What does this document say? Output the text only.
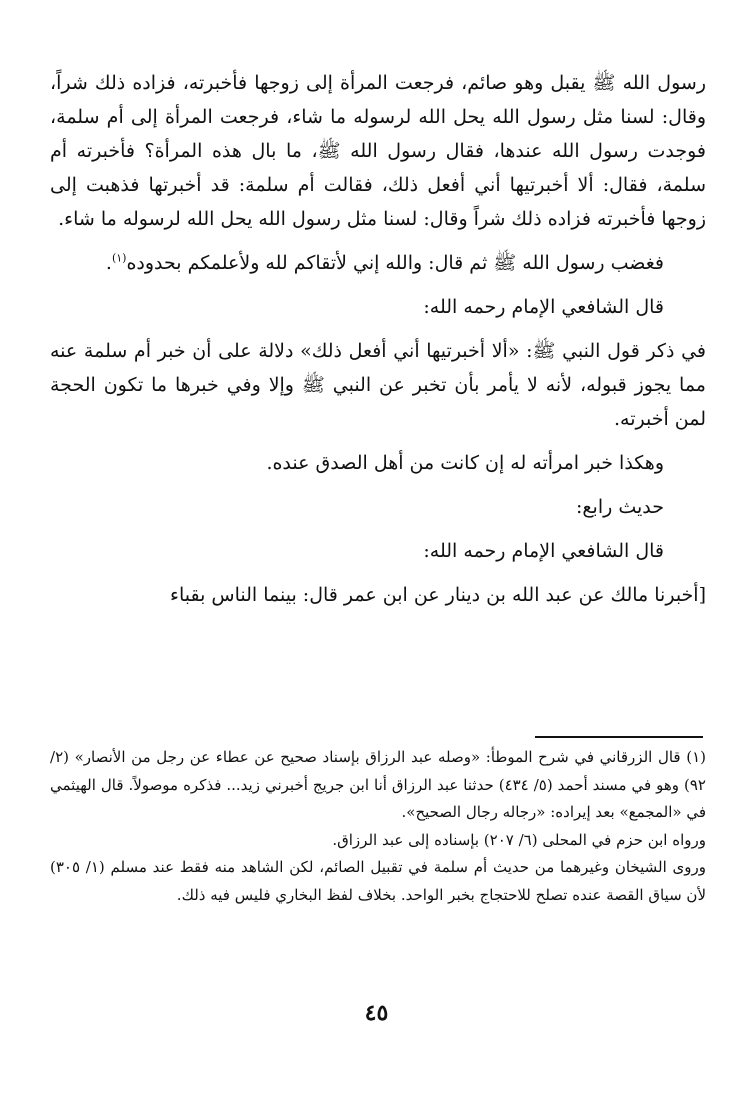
رسول الله ﷺ يقبل وهو صائم، فرجعت المرأة إلى زوجها فأخبرته، فزاده ذلك شراً، وقال: لسنا مثل رسول الله يحل الله لرسوله ما شاء، فرجعت المرأة إلى أم سلمة، فوجدت رسول الله عندها، فقال رسول الله ﷺ، ما بال هذه المرأة؟ فأخبرته أم سلمة، فقال: ألا أخبرتيها أني أفعل ذلك، فقالت أم سلمة: قد أخبرتها فذهبت إلى زوجها فأخبرته فزاده ذلك شراً وقال: لسنا مثل رسول الله يحل الله لرسوله ما شاء.

فغضب رسول الله ﷺ ثم قال: والله إني لأتقاكم لله ولأعلمكم بحدوده$^{(١)}$.

قال الشافعي الإمام رحمه الله:

في ذكر قول النبي ﷺ: «ألا أخبرتيها أني أفعل ذلك» دلالة على أن خبر أم سلمة عنه مما يجوز قبوله، لأنه لا يأمر بأن تخبر عن النبي ﷺ وإلا وفي خبرها ما تكون الحجة لمن أخبرته.

وهكذا خبر امرأته له إن كانت من أهل الصدق عنده.

حديث رابع:

قال الشافعي الإمام رحمه الله:

[أخبرنا مالك عن عبد الله بن دينار عن ابن عمر قال: بينما الناس بقباء

(١) قال الزرقاني في شرح الموطأ: «وصله عبد الرزاق بإسناد صحيح عن عطاء عن رجل من الأنصار» (٢/ ٩٢) وهو في مسند أحمد (٥/ ٤٣٤) حدثنا عبد الرزاق أنا ابن جريج أخبرني زيد... فذكره موصولاً. قال الهيثمي في «المجمع» بعد إيراده: «رجاله رجال الصحيح».

ورواه ابن حزم في المحلى (٦/ ٢٠٧) بإسناده إلى عبد الرزاق.

وروى الشيخان وغيرهما من حديث أم سلمة في تقبيل الصائم، لكن الشاهد منه فقط عند مسلم (١/ ٣٠٥) لأن سياق القصة عنده تصلح للاحتجاج بخبر الواحد. بخلاف لفظ البخاري فليس فيه ذلك.

٤٥
